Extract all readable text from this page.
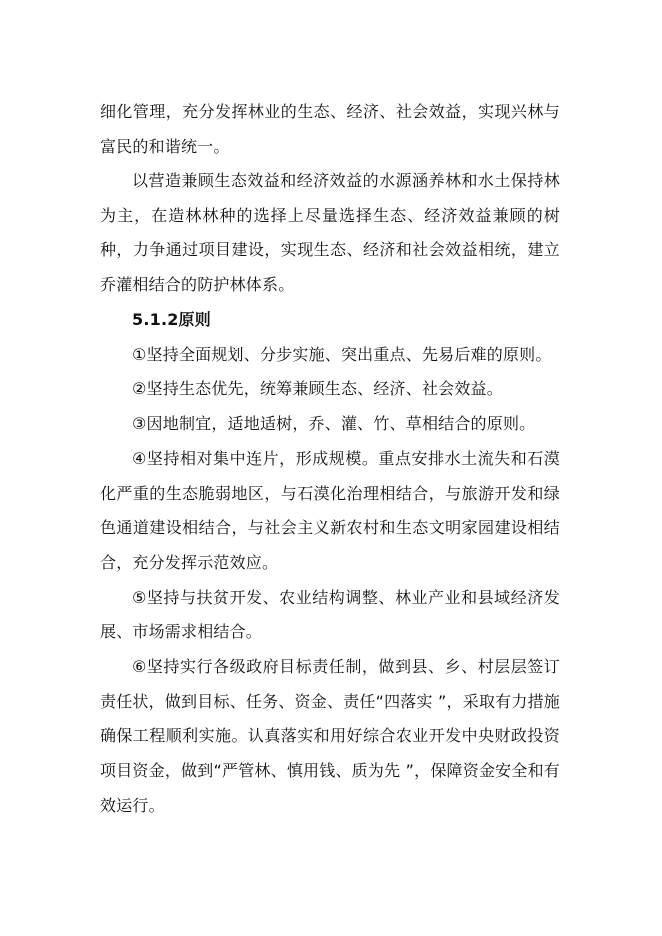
细化管理，充分发挥林业的生态、经济、社会效益，实现兴林与富民的和谐统一。

以营造兼顾生态效益和经济效益的水源涵养林和水土保持林为主，在造林林种的选择上尽量选择生态、经济效益兼顾的树种，力争通过项目建设，实现生态、经济和社会效益相统，建立乔灌相结合的防护林体系。

5.1.2原则

①坚持全面规划、分步实施、突出重点、先易后难的原则。

②坚持生态优先，统筹兼顾生态、经济、社会效益。

③因地制宜，适地适树，乔、灌、竹、草相结合的原则。

④坚持相对集中连片，形成规模。重点安排水土流失和石漠化严重的生态脆弱地区，与石漠化治理相结合，与旅游开发和绿色通道建设相结合，与社会主义新农村和生态文明家园建设相结合，充分发挥示范效应。

⑤坚持与扶贫开发、农业结构调整、林业产业和县域经济发展、市场需求相结合。

⑥坚持实行各级政府目标责任制，做到县、乡、村层层签订责任状，做到目标、任务、资金、责任“四落实 ”，采取有力措施确保工程顺利实施。认真落实和用好综合农业开发中央财政投资项目资金，做到“严管林、慎用钱、质为先 ”，保障资金安全和有效运行。
